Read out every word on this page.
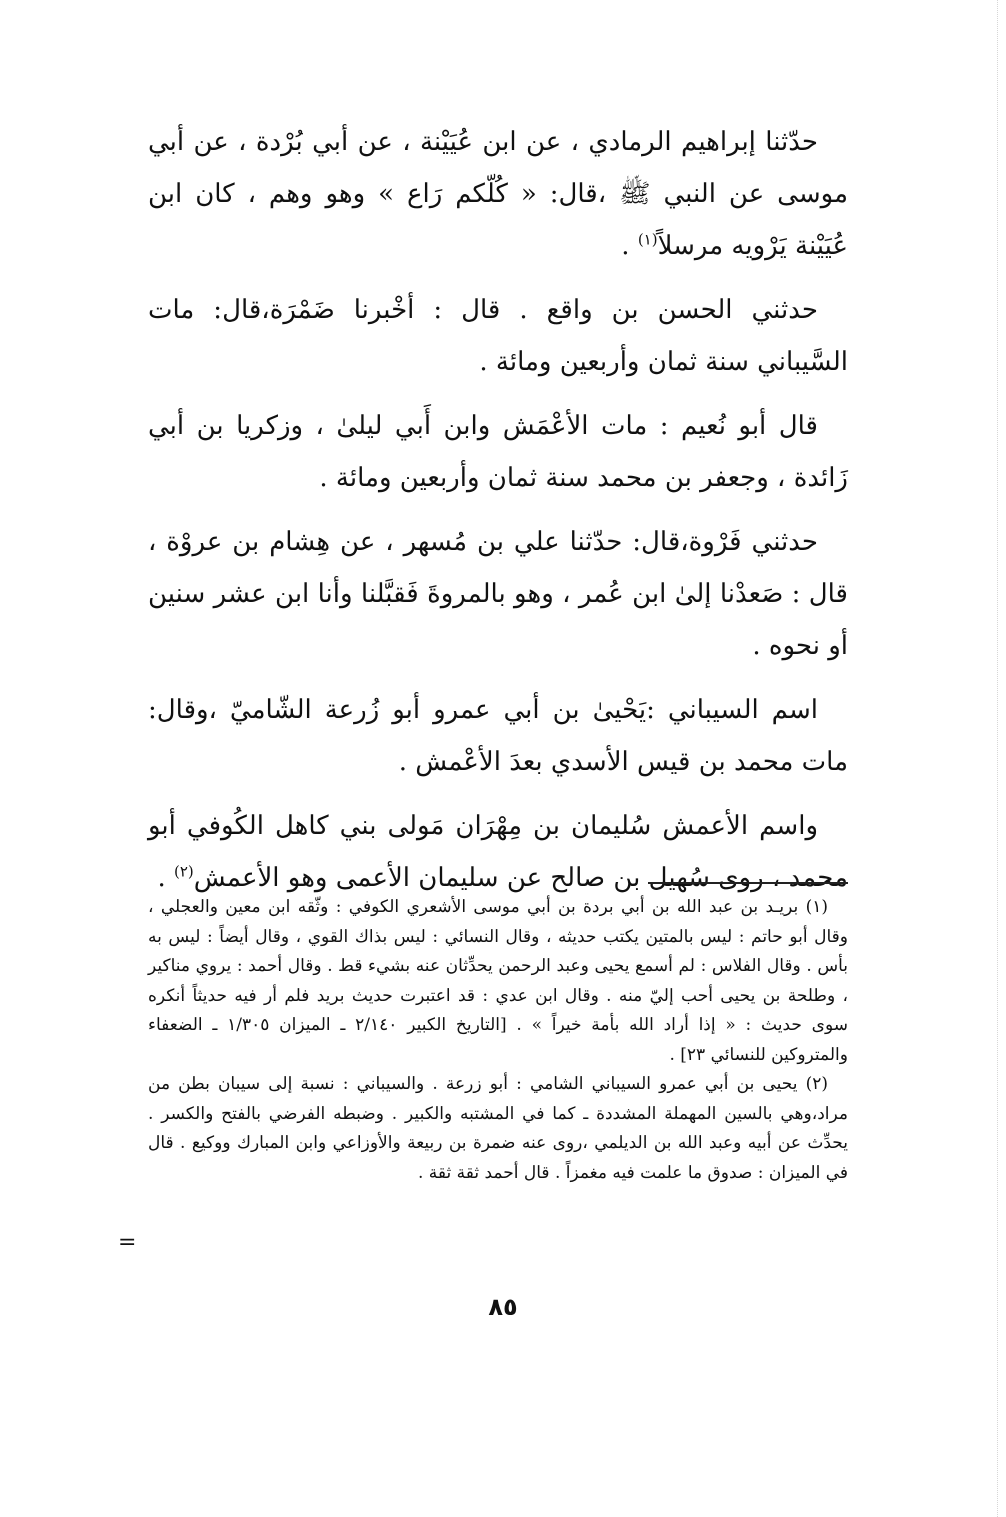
حدّثنا إبراهيم الرمادي ، عن ابن عُيَيْنة ، عن أبي بُرْدة ، عن أبي موسى عن النبي ﷺ ،قال: « كُلّكم رَاع » وهو وهم ، كان ابن عُيَيْنة يَرْويه مرسلاً$^{(١)}$ .

حدثني الحسن بن واقع . قال : أخْبرنا ضَمْرَة،قال: مات السَّيباني سنة ثمان وأربعين ومائة .

قال أبو نُعيم : مات الأعْمَش وابن أَبي ليلىٰ ، وزكريا بن أبي زَائدة ، وجعفر بن محمد سنة ثمان وأربعين ومائة .

حدثني فَرْوة،قال: حدّثنا علي بن مُسهر ، عن هِشام بن عروْة ، قال : صَعدْنا إلىٰ ابن عُمر ، وهو بالمروةَ فَقبَّلنا وأنا ابن عشر سنين أو نحوه .

اسم السيباني :يَحْيىٰ بن أبي عمرو أبو زُرعة الشّاميّ ،وقال: مات محمد بن قيس الأسدي بعدَ الأعْمش .

واسم الأعمش سُليمان بن مِهْرَان مَولى بني كاهل الكُوفي أبو محمد ، روى سُهيل بن صالح عن سليمان الأعمى وهو الأعمش$^{(٢)}$ .

(١) بريـد بن عبد الله بن أبي بردة بن أبي موسى الأشعري الكوفي : وثّقه ابن معين والعجلي ، وقال أبو حاتم : ليس بالمتين يكتب حديثه ، وقال النسائي : ليس بذاك القوي ، وقال أيضاً : ليس به بأس . وقال الفلاس : لم أسمع يحيى وعبد الرحمن يحدِّثان عنه بشيء قط . وقال أحمد : يروي مناكير ، وطلحة بن يحيى أحب إليّ منه . وقال ابن عدي : قد اعتبرت حديث بريد فلم أر فيه حديثاً أنكره سوى حديث : « إذا أراد الله بأمة خيراً » . [التاريخ الكبير ٢/١٤٠ ـ الميزان ١/٣٠٥ ـ الضعفاء والمتروكين للنسائي ٢٣] .

(٢) يحيى بن أبي عمرو السيباني الشامي : أبو زرعة . والسيباني : نسبة إلى سيبان بطن من مراد،وهي بالسين المهملة المشددة ـ كما في المشتبه والكبير . وضبطه الفرضي بالفتح والكسر . يحدِّث عن أبيه وعبد الله بن الديلمي ،روى عنه ضمرة بن ربيعة والأوزاعي وابن المبارك ووكيع . قال في الميزان : صدوق ما علمت فيه مغمزاً . قال أحمد ثقة ثقة .

=
٨٥
